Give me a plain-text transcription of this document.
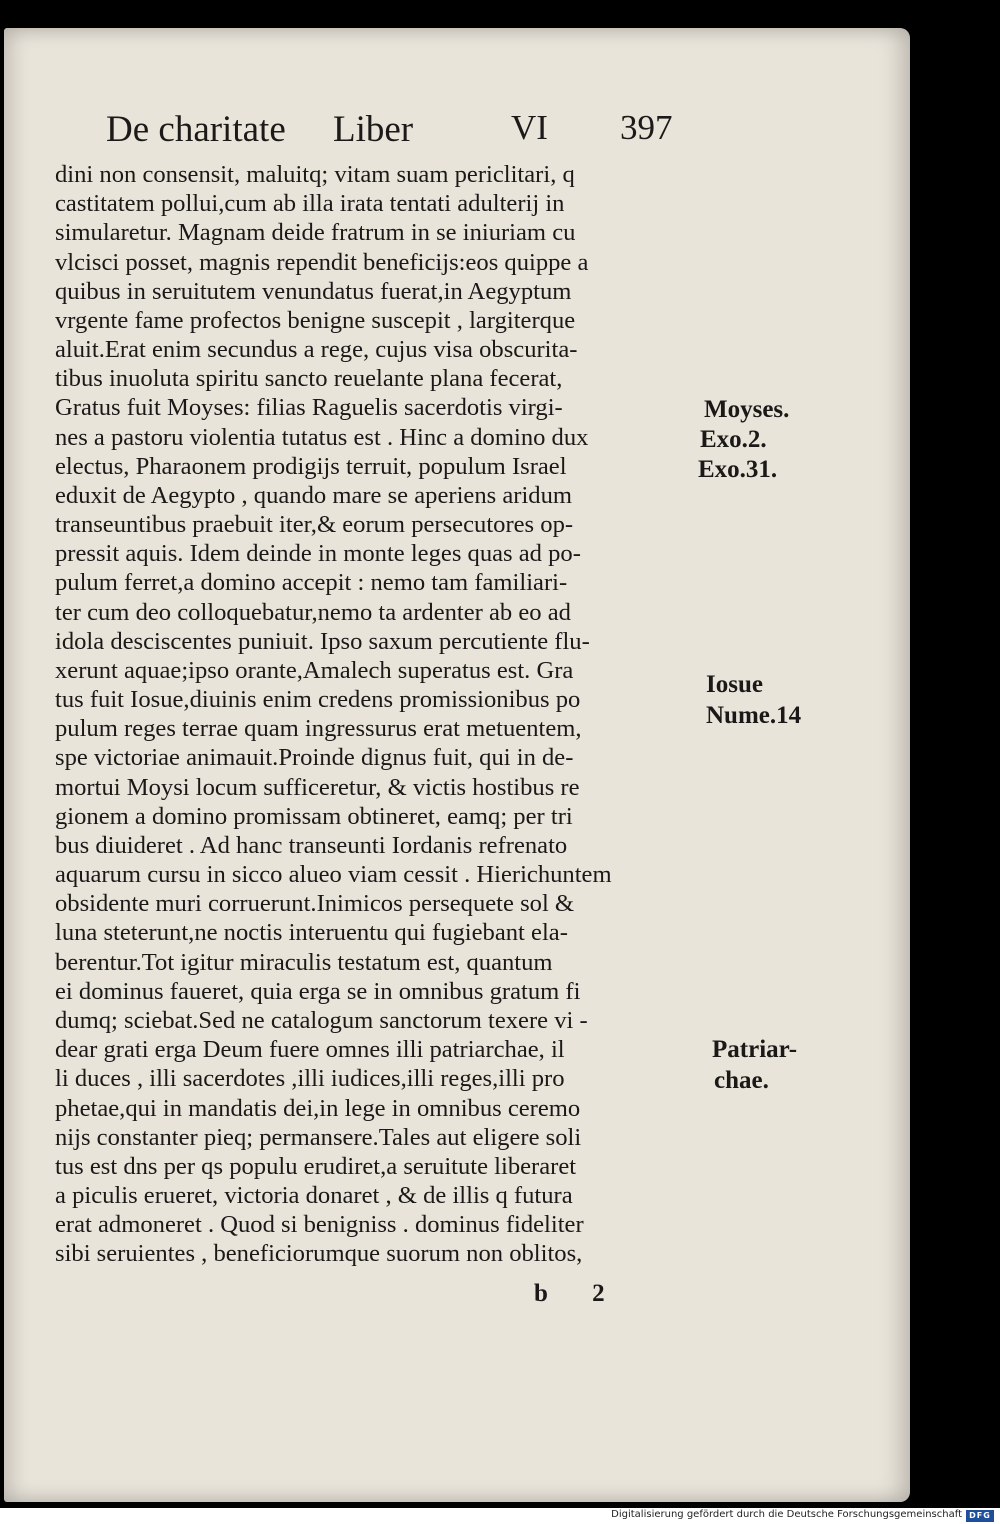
De charitate Liber	VI 397
dini non consensit, maluitq; vitam suam periclitari, q
castitatem pollui,cum ab illa irata tentati adulterij in
simularetur. Magnam deide fratrum in se iniuriam cu
vlcisci posset, magnis rependit beneficijs:eos quippe a
quibus in seruitutem venundatus fuerat,in Aegyptum
vrgente fame profectos benigne suscepit , largiterque
aluit.Erat enim secundus a rege, cujus visa obscurita-
tibus inuoluta spiritu sancto reuelante plana fecerat,
Gratus fuit Moyses: filias Raguelis sacerdotis virgi-
nes a pastoru violentia tutatus est . Hinc a domino dux
electus, Pharaonem prodigijs terruit, populum Israel
eduxit de Aegypto , quando mare se aperiens aridum
transeuntibus praebuit iter,& eorum persecutores op-
pressit aquis. Idem deinde in monte leges quas ad po-
pulum ferret,a domino accepit : nemo tam familiari-
ter cum deo colloquebatur,nemo ta ardenter ab eo ad
idola desciscentes puniuit. Ipso saxum percutiente flu-
xerunt aquae;ipso orante,Amalech superatus est. Gra
tus fuit Iosue,diuinis enim credens promissionibus po
pulum reges terrae quam ingressurus erat metuentem,
spe victoriae animauit.Proinde dignus fuit, qui in de-
mortui Moysi locum sufficeretur, & victis hostibus re
gionem a domino promissam obtineret, eamq; per tri
bus diuideret . Ad hanc transeunti Iordanis refrenato
aquarum cursu in sicco alueo viam cessit . Hierichuntem
obsidente muri corruerunt.Inimicos persequete sol &
luna steterunt,ne noctis interuentu qui fugiebant ela-
berentur.Tot igitur miraculis testatum est, quantum
ei dominus faueret, quia erga se in omnibus gratum fi
dumq; sciebat.Sed ne catalogum sanctorum texere vi -
dear grati erga Deum fuere omnes illi patriarchae, il
li duces , illi sacerdotes ,illi iudices,illi reges,illi pro
phetae,qui in mandatis dei,in lege in omnibus ceremo
nijs constanter pieq; permansere.Tales aut eligere soli
tus est dns per qs populu erudiret,a seruitute liberaret
a piculis erueret, victoria donaret , & de illis q futura
erat admoneret . Quod si benigniss . dominus fideliter
sibi seruientes , beneficiorumque suorum non oblitos,
Moyses.
Exo.2.
Exo.31.
Iosue
Nume.14
Patriar-
chae.
b 2
Digitalisierung gefördert durch die Deutsche Forschungsgemeinschaft DFG
